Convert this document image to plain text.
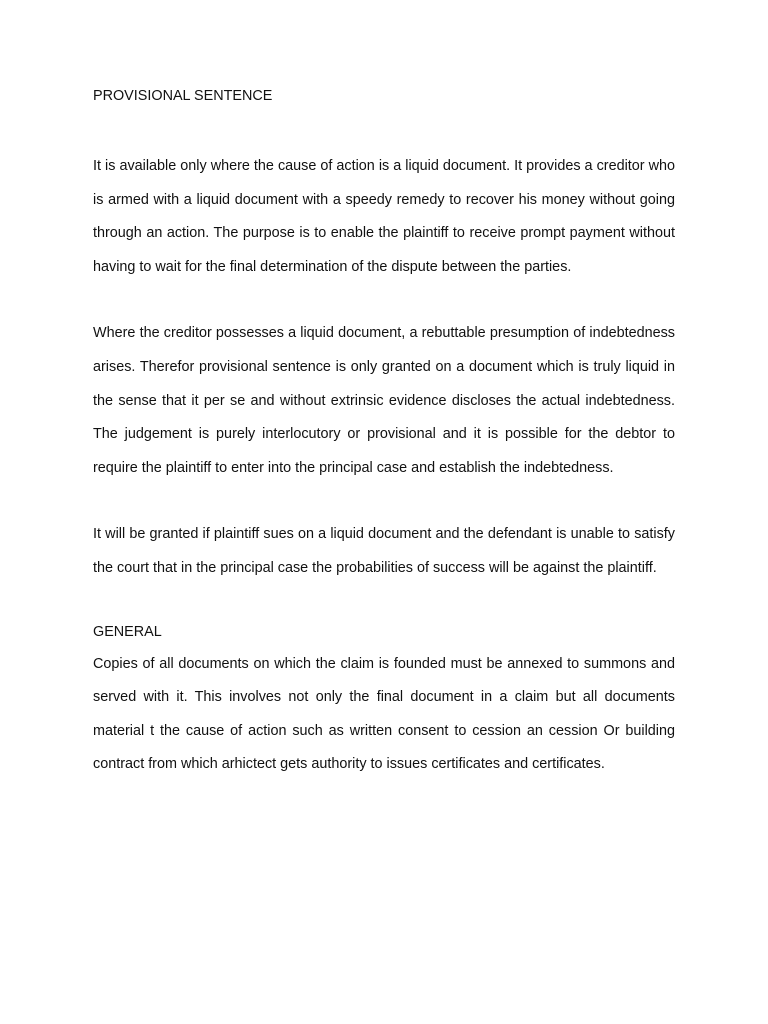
PROVISIONAL SENTENCE

It is available only where the cause of action is a liquid document. It provides a creditor who is armed with a liquid document with a speedy remedy to recover his money without going through an action. The purpose is to enable the plaintiff to receive prompt payment without having to wait for the final determination of the dispute between the parties.

Where the creditor possesses a liquid document, a rebuttable presumption of indebtedness arises. Therefor provisional sentence is only granted on a document which is truly liquid in the sense that it per se and without extrinsic evidence discloses the actual indebtedness. The judgement is purely interlocutory or provisional and it is possible for the debtor to require the plaintiff to enter into the principal case and establish the indebtedness.

It will be granted if plaintiff sues on a liquid document and the defendant is unable to satisfy the court that in the principal case the probabilities of success will be against the plaintiff.

GENERAL

Copies of all documents on which the claim is founded must be annexed to summons and served with it. This involves not only the final document in a claim but all documents material t the cause of action such as written consent to cession an cession Or building contract from which arhictect gets authority to issues certificates and certificates.
